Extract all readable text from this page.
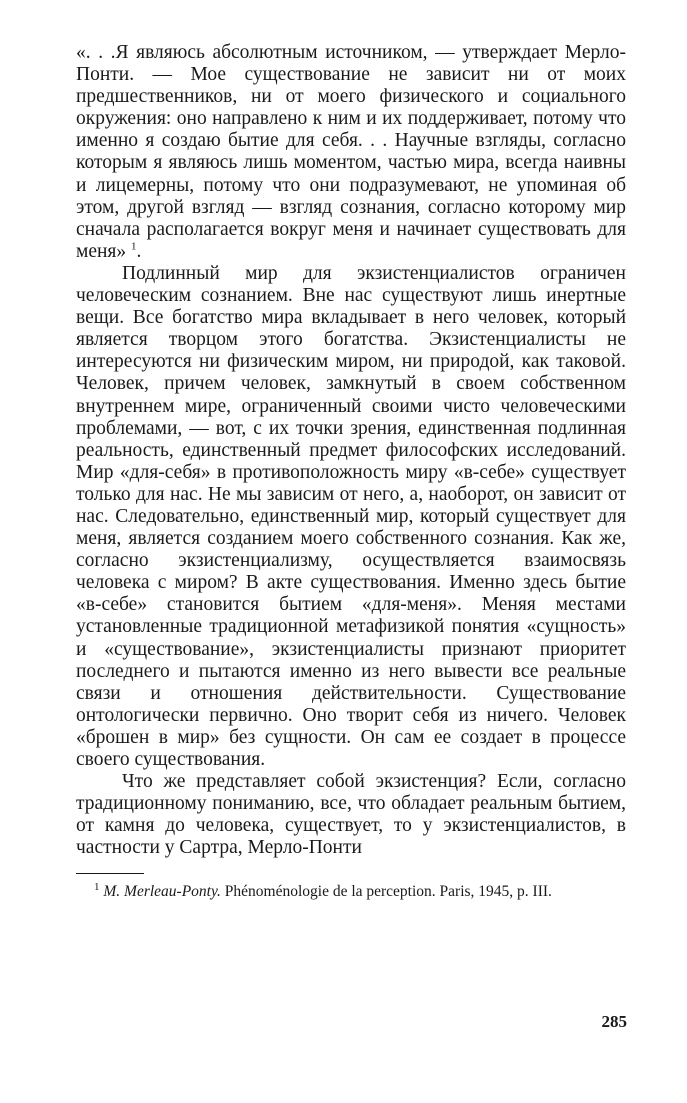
«. . .Я являюсь абсолютным источником, — утверждает Мерло-Понти. — Мое существование не зависит ни от моих предшественников, ни от моего физического и социального окружения: оно направлено к ним и их поддерживает, потому что именно я создаю бытие для себя. . . Научные взгляды, согласно которым я являюсь лишь моментом, частью мира, всегда наивны и лицемерны, потому что они подразумевают, не упоминая об этом, другой взгляд — взгляд сознания, согласно которому мир сначала располагается вокруг меня и начинает существовать для меня» $^1$.

Подлинный мир для экзистенциалистов ограничен человеческим сознанием. Вне нас существуют лишь инертные вещи. Все богатство мира вкладывает в него человек, который является творцом этого богатства. Экзистенциалисты не интересуются ни физическим миром, ни природой, как таковой. Человек, причем человек, замкнутый в своем собственном внутреннем мире, ограниченный своими чисто человеческими проблемами, — вот, с их точки зрения, единственная подлинная реальность, единственный предмет философских исследований. Мир «для-себя» в противоположность миру «в-себе» существует только для нас. Не мы зависим от него, а, наоборот, он зависит от нас. Следовательно, единственный мир, который существует для меня, является созданием моего собственного сознания. Как же, согласно экзистенциализму, осуществляется взаимосвязь человека с миром? В акте существования. Именно здесь бытие «в-себе» становится бытием «для-меня». Меняя местами установленные традиционной метафизикой понятия «сущность» и «существование», экзистенциалисты признают приоритет последнего и пытаются именно из него вывести все реальные связи и отношения действительности. Существование онтологически первично. Оно творит себя из ничего. Человек «брошен в мир» без сущности. Он сам ее создает в процессе своего существования.

Что же представляет собой экзистенция? Если, согласно традиционному пониманию, все, что обладает реальным бытием, от камня до человека, существует, то у экзистенциалистов, в частности у Сартра, Мерло-Понти

$^1$ M. Merleau-Ponty. Phénoménologie de la perception. Paris, 1945, p. III.

285
